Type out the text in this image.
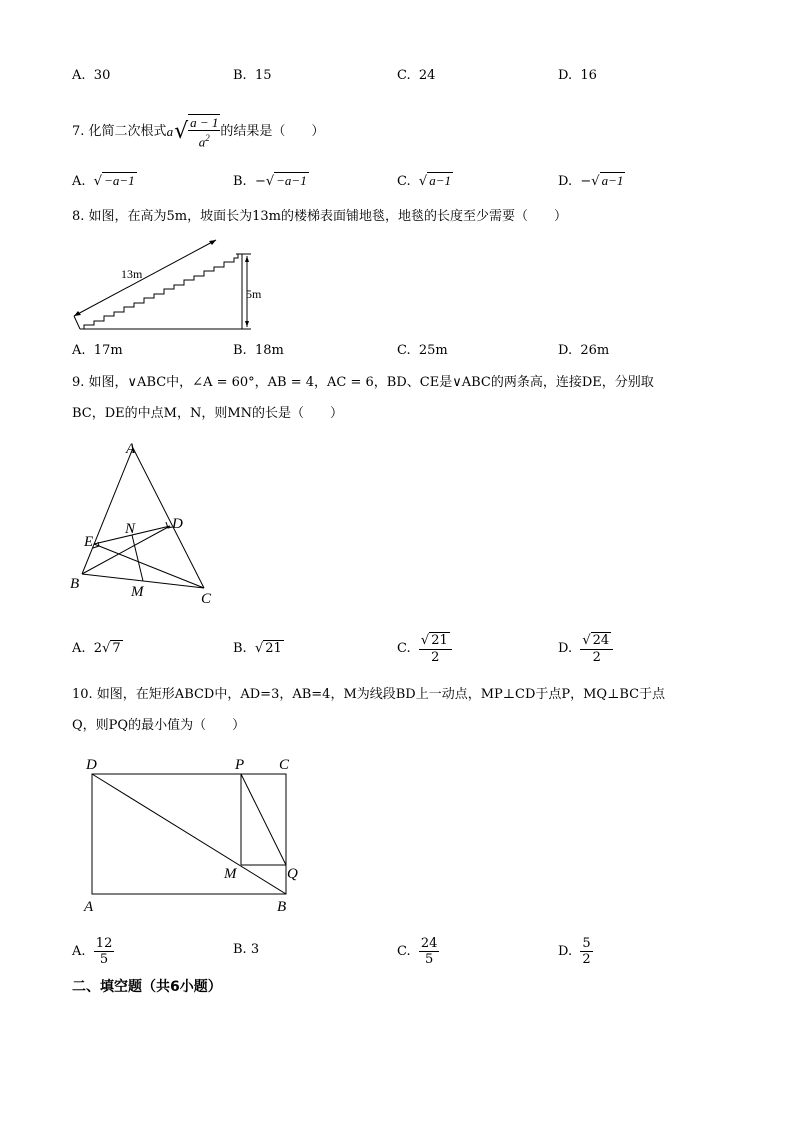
A. 30	B. 15	C. 24	D. 16
7.
化简二次根式 a √ $\frac{a - 1}{a^2}$ 的结果是（　　）
A. √ −a−1	B. −√ −a−1	C. √ a−1	D. −√ a−1
8. 如图，在高为5m，坡面长为13m的楼梯表面铺地毯，地毯的长度至少需要（　　）
13m
5m
A. 17m	B. 18m	C. 25m	D. 26m
9. 如图，∨ABC中，∠A = 60°，AB = 4，AC = 6，BD、CE是∨ABC的两条高，连接DE，分别取
BC，DE的中点M，N，则MN的长是（　　）
A
B
C
D
E
M
N
A. 2√ 7	B.  √ 21	C.
$\frac{√ 21}{2}$	D.
$\frac{√ 24}{2}$
10. 如图，在矩形ABCD中，AD=3，AB=4，M为线段BD上一动点，MP⊥CD于点P，MQ⊥BC于点
Q，则PQ的最小值为（　　）
D	P C
M	Q
A	B
A.
$\frac{12}{5}$	B. 3	C.
$\frac{24}{5}$	D.
$\frac{5}{2}$
二、填空题（共6小题）
